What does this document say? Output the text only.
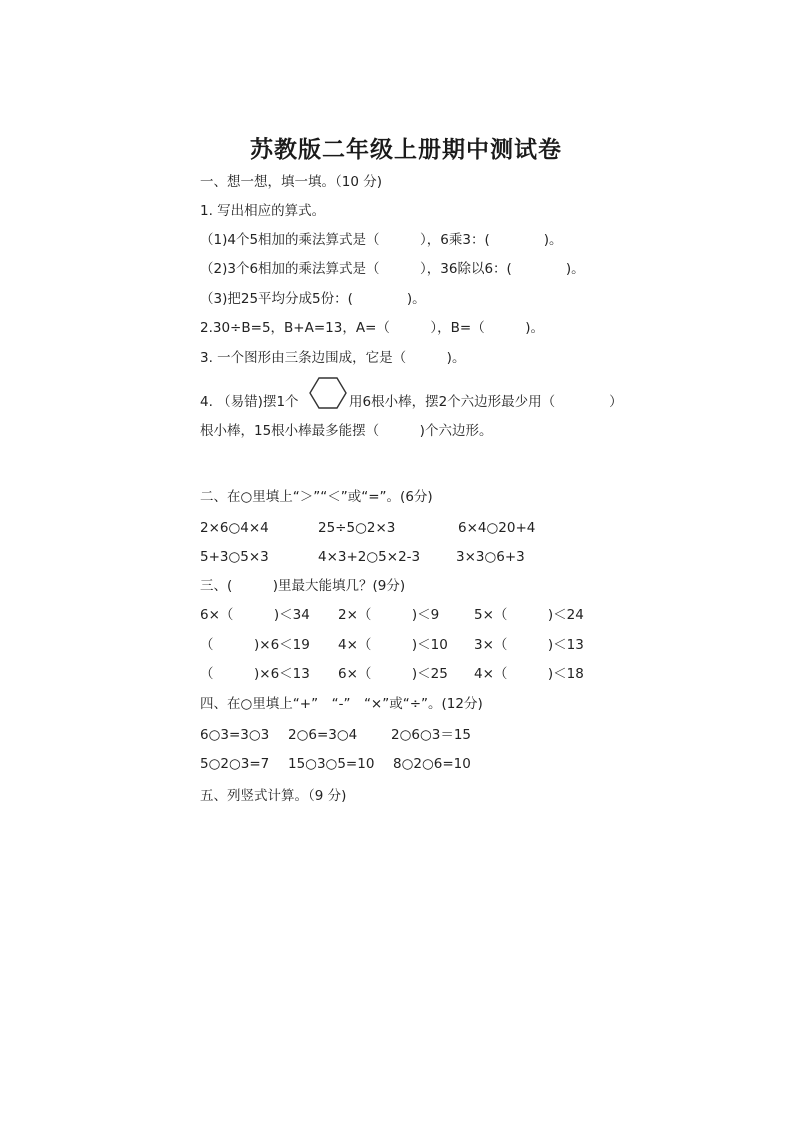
苏教版二年级上册期中测试卷
一、想一想，填一填。（10 分)
1. 写出相应的算式。
（1)4个5相加的乘法算式是（　　　），6乘3：(　　　　)。
（2)3个6相加的乘法算式是（　　　），36除以6：(　　　　)。
（3)把25平均分成5份：(　　　　)。
2.30÷B=5，B+A=13，A=（　　　），B=（　　　)。
3. 一个图形由三条边围成，它是（　　　)。
4. （易错)摆1个	用6根小棒，摆2个六边形最少用（　　　　）
根小棒，15根小棒最多能摆（　　　)个六边形。
二、在○里填上“＞”“＜”或“=”。(6分)
2×6○4×4	25÷5○2×3	6×4○20+4
5+3○5×3	4×3+2○5×2-3	3×3○6+3
三、(　　　)里最大能填几？(9分)
6×（　　　)＜34 2×（　　　)＜9	5×（　　　)＜24
（　　　)×6＜19 4×（　　　)＜10 3×（　　　)＜13
（　　　)×6＜13 6×（　　　)＜25 4×（　　　)＜18
四、在○里填上“+”　“-”　“×”或“÷”。(12分)
6○3=3○3 2○6=3○4	2○6○3＝15
5○2○3=7 15○3○5=10 8○2○6=10
五、列竖式计算。（9 分)
